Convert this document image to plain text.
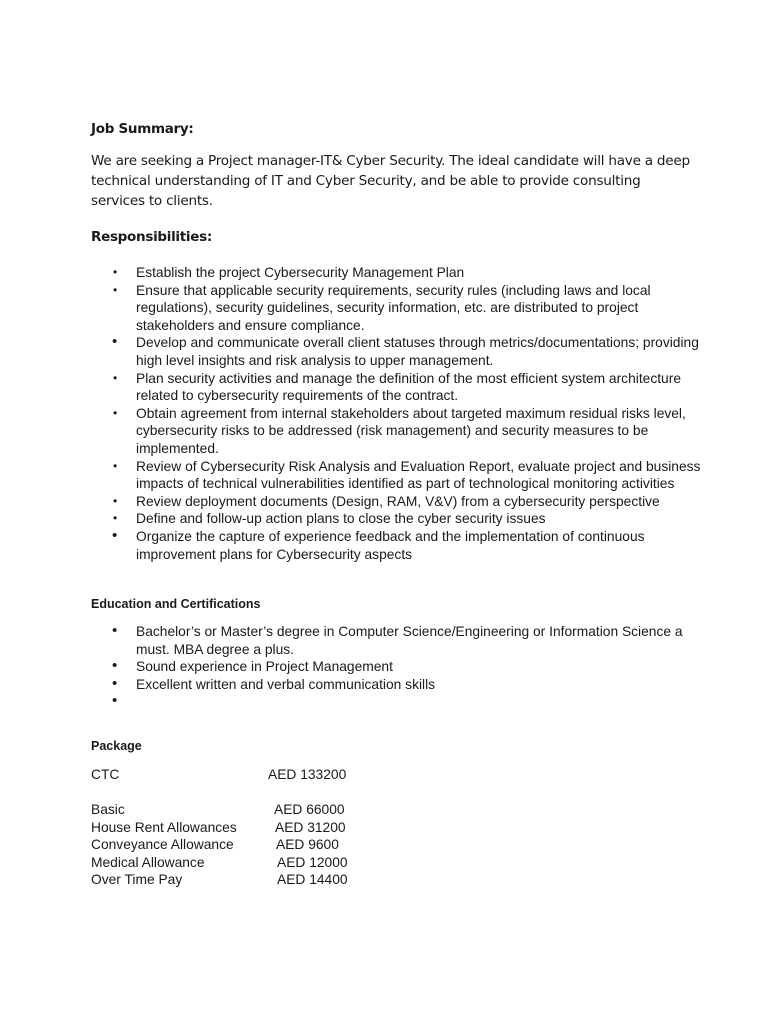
Job Summary:
We are seeking a Project manager-IT& Cyber Security. The ideal candidate will have a deep technical understanding of IT and Cyber Security, and be able to provide consulting services to clients.
Responsibilities:
• Establish the project Cybersecurity Management Plan
• Ensure that applicable security requirements, security rules (including laws and local regulations), security guidelines, security information, etc. are distributed to project stakeholders and ensure compliance.
• Develop and communicate overall client statuses through metrics/documentations; providing high level insights and risk analysis to upper management.
• Plan security activities and manage the definition of the most efficient system architecture related to cybersecurity requirements of the contract.
• Obtain agreement from internal stakeholders about targeted maximum residual risks level, cybersecurity risks to be addressed (risk management) and security measures to be implemented.
• Review of Cybersecurity Risk Analysis and Evaluation Report, evaluate project and business impacts of technical vulnerabilities identified as part of technological monitoring activities
• Review deployment documents (Design, RAM, V&V) from a cybersecurity perspective
• Define and follow-up action plans to close the cyber security issues
• Organize the capture of experience feedback and the implementation of continuous improvement plans for Cybersecurity aspects
Education and Certifications
• Bachelor’s or Master’s degree in Computer Science/Engineering or Information Science a must. MBA degree a plus.
• Sound experience in Project Management
• Excellent written and verbal communication skills
•
Package
CTC	AED 133200
Basic	AED 66000
House Rent Allowances	AED 31200
Conveyance Allowance	AED 9600
Medical Allowance	AED 12000
Over Time Pay	AED 14400
